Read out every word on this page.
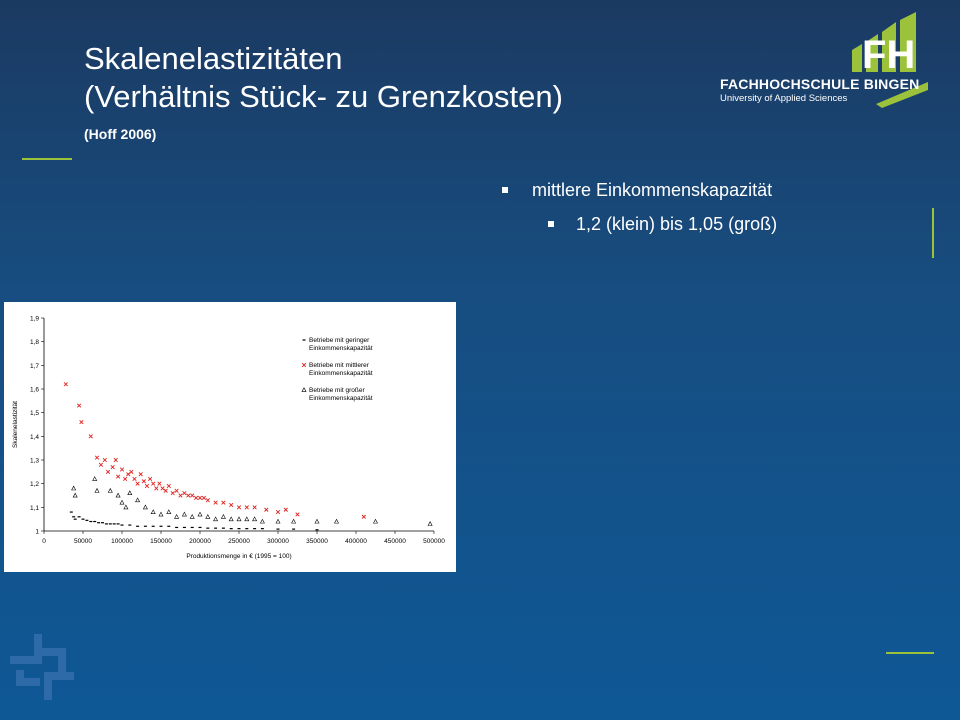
Skalenelastizitäten
(Verhältnis Stück- zu Grenzkosten)
(Hoff 2006)
FH
FACHHOCHSCHULE BINGEN
University of Applied Sciences
mittlere Einkommenskapazität
1,2 (klein) bis 1,05 (groß)
1
1,1
1,2
1,3
1,4
1,5
1,6
1,7
1,8
1,9
0	50000	100000	150000	200000	250000	300000	350000	400000	450000	500000
Produktionsmenge in € (1995 = 100)
Skalenelastizität
Betriebe mit geringer
Einkommenskapazität
Betriebe mit mittlerer
Einkommenskapazität
Betriebe mit großer
Einkommenskapazität
